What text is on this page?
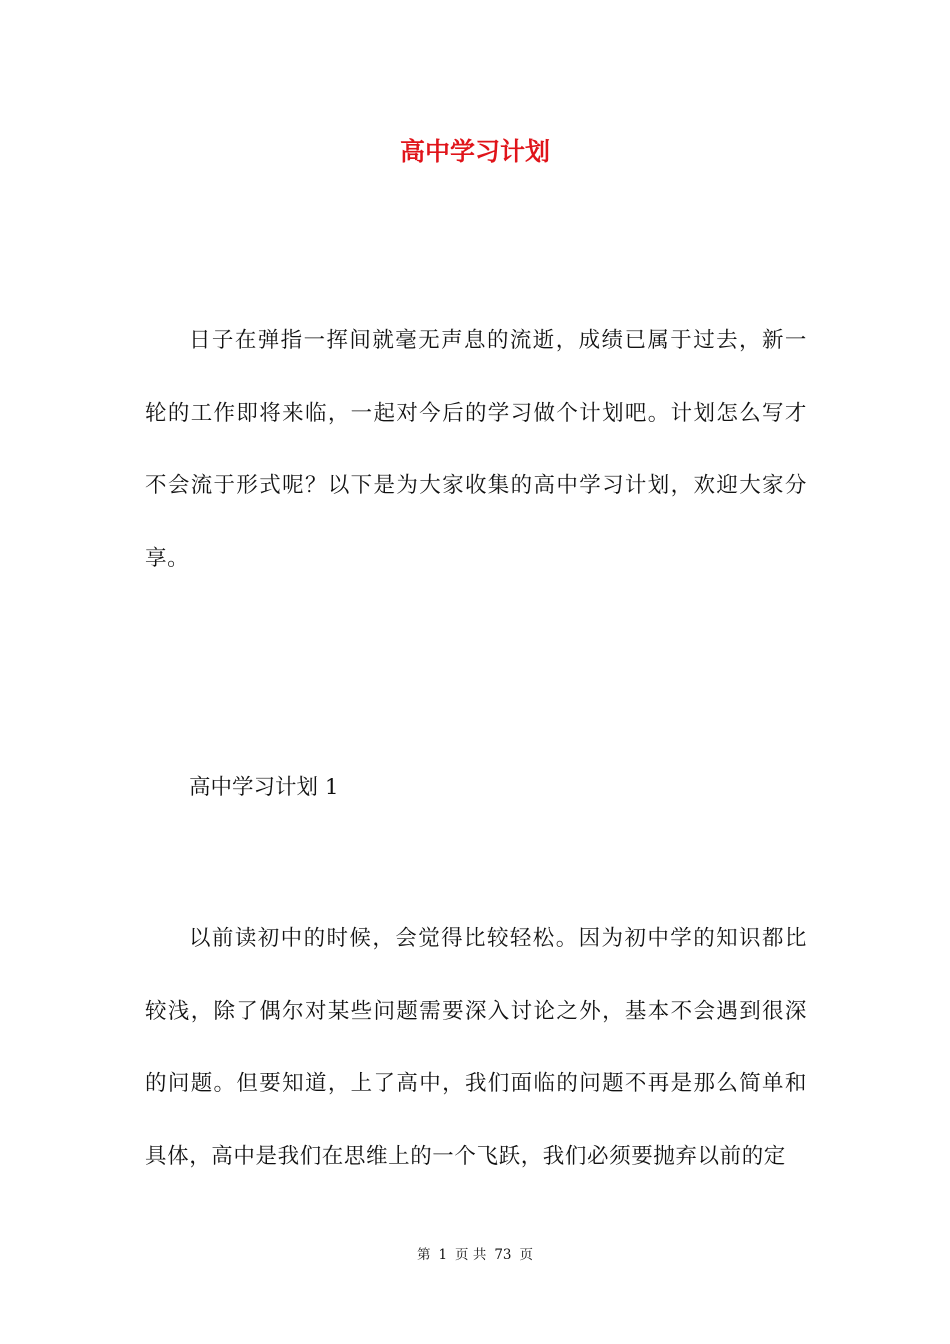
高中学习计划

日子在弹指一挥间就毫无声息的流逝，成绩已属于过去，新一轮的工作即将来临，一起对今后的学习做个计划吧。计划怎么写才不会流于形式呢？以下是为大家收集的高中学习计划，欢迎大家分享。

高中学习计划 1

以前读初中的时候，会觉得比较轻松。因为初中学的知识都比较浅，除了偶尔对某些问题需要深入讨论之外，基本不会遇到很深的问题。但要知道，上了高中，我们面临的问题不再是那么简单和具体，高中是我们在思维上的一个飞跃，我们必须要抛弃以前的定

第 1 页 共 73 页
